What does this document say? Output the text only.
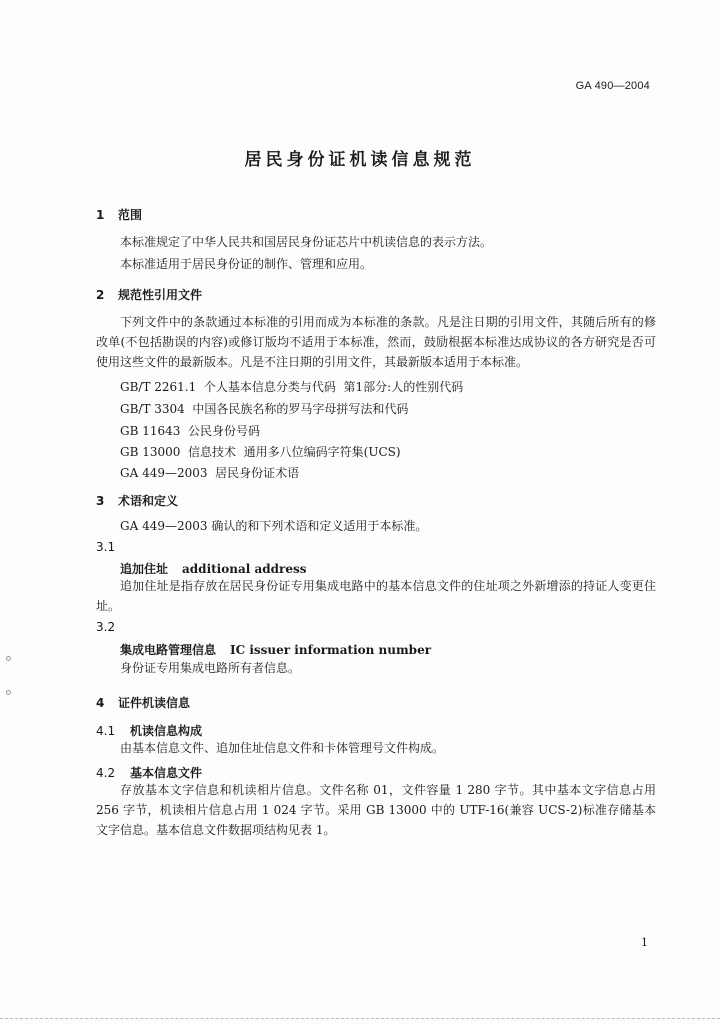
GA 490—2004
居民身份证机读信息规范
1 范围
本标准规定了中华人民共和国居民身份证芯片中机读信息的表示方法。
本标准适用于居民身份证的制作、管理和应用。
2 规范性引用文件
下列文件中的条款通过本标准的引用而成为本标准的条款。凡是注日期的引用文件，其随后所有的修改单(不包括勘误的内容)或修订版均不适用于本标准，然而，鼓励根据本标准达成协议的各方研究是否可使用这些文件的最新版本。凡是不注日期的引用文件，其最新版本适用于本标准。
GB/T 2261.1  个人基本信息分类与代码  第1部分:人的性别代码
GB/T 3304  中国各民族名称的罗马字母拼写法和代码
GB 11643  公民身份号码
GB 13000  信息技术  通用多八位编码字符集(UCS)
GA 449—2003  居民身份证术语
3 术语和定义
GA 449—2003 确认的和下列术语和定义适用于本标准。
3.1
追加住址 additional address
追加住址是指存放在居民身份证专用集成电路中的基本信息文件的住址项之外新增添的持证人变更住址。
3.2
集成电路管理信息 IC issuer information number
身份证专用集成电路所有者信息。
4 证件机读信息
4.1 机读信息构成
由基本信息文件、追加住址信息文件和卡体管理号文件构成。
4.2 基本信息文件
存放基本文字信息和机读相片信息。文件名称 01，文件容量 1 280 字节。其中基本文字信息占用 256 字节，机读相片信息占用 1 024 字节。采用 GB 13000 中的 UTF-16(兼容 UCS-2)标准存储基本文字信息。基本信息文件数据项结构见表 1。
1
